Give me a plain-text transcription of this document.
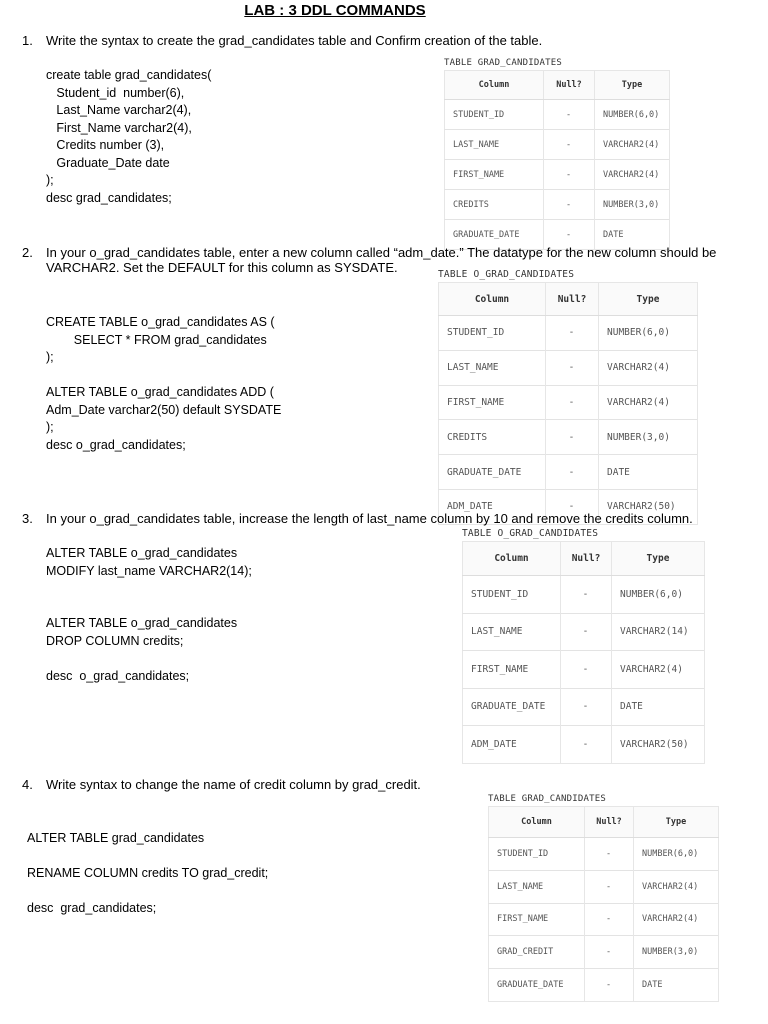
LAB : 3 DDL COMMANDS
1. Write the syntax to create the grad_candidates table and Confirm creation of the table.
create table grad_candidates(
Student_id  number(6),
Last_Name varchar2(4),
First_Name varchar2(4),
Credits number (3),
Graduate_Date date
);
desc grad_candidates;
TABLE GRAD_CANDIDATES
Column	Null?	Type
STUDENT_ID	-	NUMBER(6,0)
LAST_NAME	-	VARCHAR2(4)
FIRST_NAME	-	VARCHAR2(4)
CREDITS	-	NUMBER(3,0)
GRADUATE_DATE	-	DATE
2. In your o_grad_candidates table, enter a new column called “adm_date.” The datatype for the new column should be
VARCHAR2. Set the DEFAULT for this column as SYSDATE.
CREATE TABLE o_grad_candidates AS (
SELECT * FROM grad_candidates
);

ALTER TABLE o_grad_candidates ADD (
Adm_Date varchar2(50) default SYSDATE
);
desc o_grad_candidates;
TABLE O_GRAD_CANDIDATES
Column	Null?	Type
STUDENT_ID	-	NUMBER(6,0)
LAST_NAME	-	VARCHAR2(4)
FIRST_NAME	-	VARCHAR2(4)
CREDITS	-	NUMBER(3,0)
GRADUATE_DATE	-	DATE
ADM_DATE	-	VARCHAR2(50)
3. In your o_grad_candidates table, increase the length of last_name column by 10 and remove the credits column.
ALTER TABLE o_grad_candidates
MODIFY last_name VARCHAR2(14);

ALTER TABLE o_grad_candidates
DROP COLUMN credits;

desc  o_grad_candidates;
TABLE O_GRAD_CANDIDATES
Column	Null?	Type
STUDENT_ID	-	NUMBER(6,0)
LAST_NAME	-	VARCHAR2(14)
FIRST_NAME	-	VARCHAR2(4)
GRADUATE_DATE	-	DATE
ADM_DATE	-	VARCHAR2(50)
4. Write syntax to change the name of credit column by grad_credit.
ALTER TABLE grad_candidates

RENAME COLUMN credits TO grad_credit;

desc  grad_candidates;
TABLE GRAD_CANDIDATES
Column	Null?	Type
STUDENT_ID	-	NUMBER(6,0)
LAST_NAME	-	VARCHAR2(4)
FIRST_NAME	-	VARCHAR2(4)
GRAD_CREDIT	-	NUMBER(3,0)
GRADUATE_DATE	-	DATE
